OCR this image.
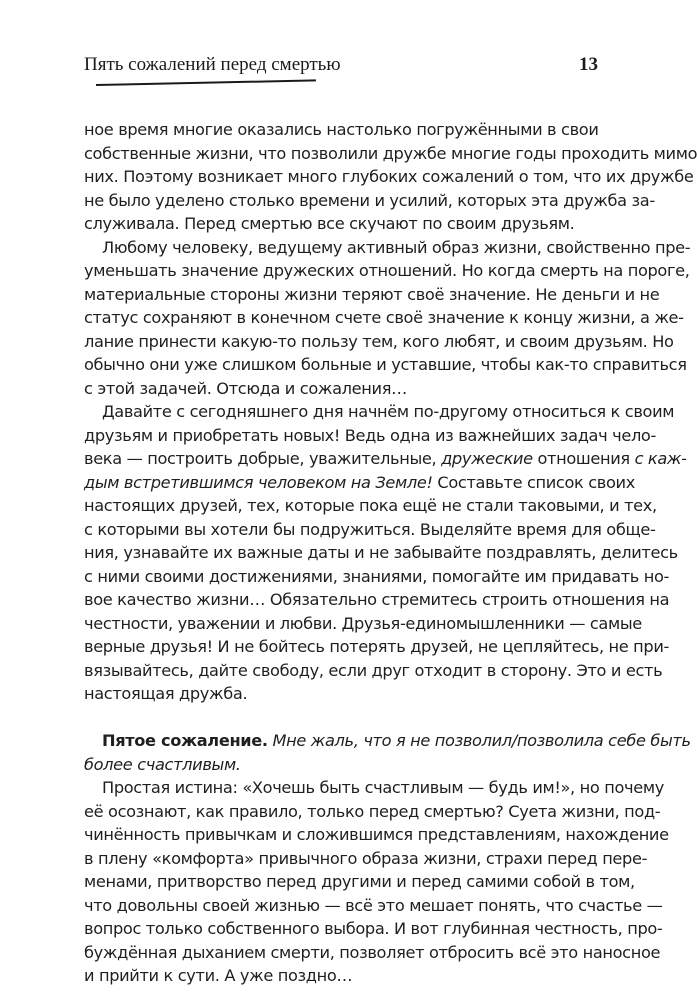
Пять сожалений перед смертью	13
ное время многие оказались настолько погружёнными в свои
собственные жизни, что позволили дружбе многие годы проходить мимо
них. Поэтому возникает много глубоких сожалений о том, что их дружбе
не было уделено столько времени и усилий, которых эта дружба за-
служивала. Перед смертью все скучают по своим друзьям.
Любому человеку, ведущему активный образ жизни, свойственно пре-
уменьшать значение дружеских отношений. Но когда смерть на пороге,
материальные стороны жизни теряют своё значение. Не деньги и не
статус сохраняют в конечном счете своё значение к концу жизни, а же-
лание принести какую-то пользу тем, кого любят, и своим друзьям. Но
обычно они уже слишком больные и уставшие, чтобы как-то справиться
с этой задачей. Отсюда и сожаления…
Давайте с сегодняшнего дня начнём по-другому относиться к своим
друзьям и приобретать новых! Ведь одна из важнейших задач чело-
века — построить добрые, уважительные, дружеские отношения с каж-
дым встретившимся человеком на Земле! Составьте список своих
настоящих друзей, тех, которые пока ещё не стали таковыми, и тех,
с которыми вы хотели бы подружиться. Выделяйте время для обще-
ния, узнавайте их важные даты и не забывайте поздравлять, делитесь
с ними своими достижениями, знаниями, помогайте им придавать но-
вое качество жизни… Обязательно стремитесь строить отношения на
честности, уважении и любви. Друзья-единомышленники — самые
верные друзья! И не бойтесь потерять друзей, не цепляйтесь, не при-
вязывайтесь, дайте свободу, если друг отходит в сторону. Это и есть
настоящая дружба.
Пятое сожаление. Мне жаль, что я не позволил/позволила себе быть
более счастливым.
Простая истина: «Хочешь быть счастливым — будь им!», но почему
её осознают, как правило, только перед смертью? Суета жизни, под-
чинённость привычкам и сложившимся представлениям, нахождение
в плену «комфорта» привычного образа жизни, страхи перед пере-
менами, притворство перед другими и перед самими собой в том,
что довольны своей жизнью — всё это мешает понять, что счастье —
вопрос только собственного выбора. И вот глубинная честность, про-
буждённая дыханием смерти, позволяет отбросить всё это наносное
и прийти к сути. А уже поздно…
